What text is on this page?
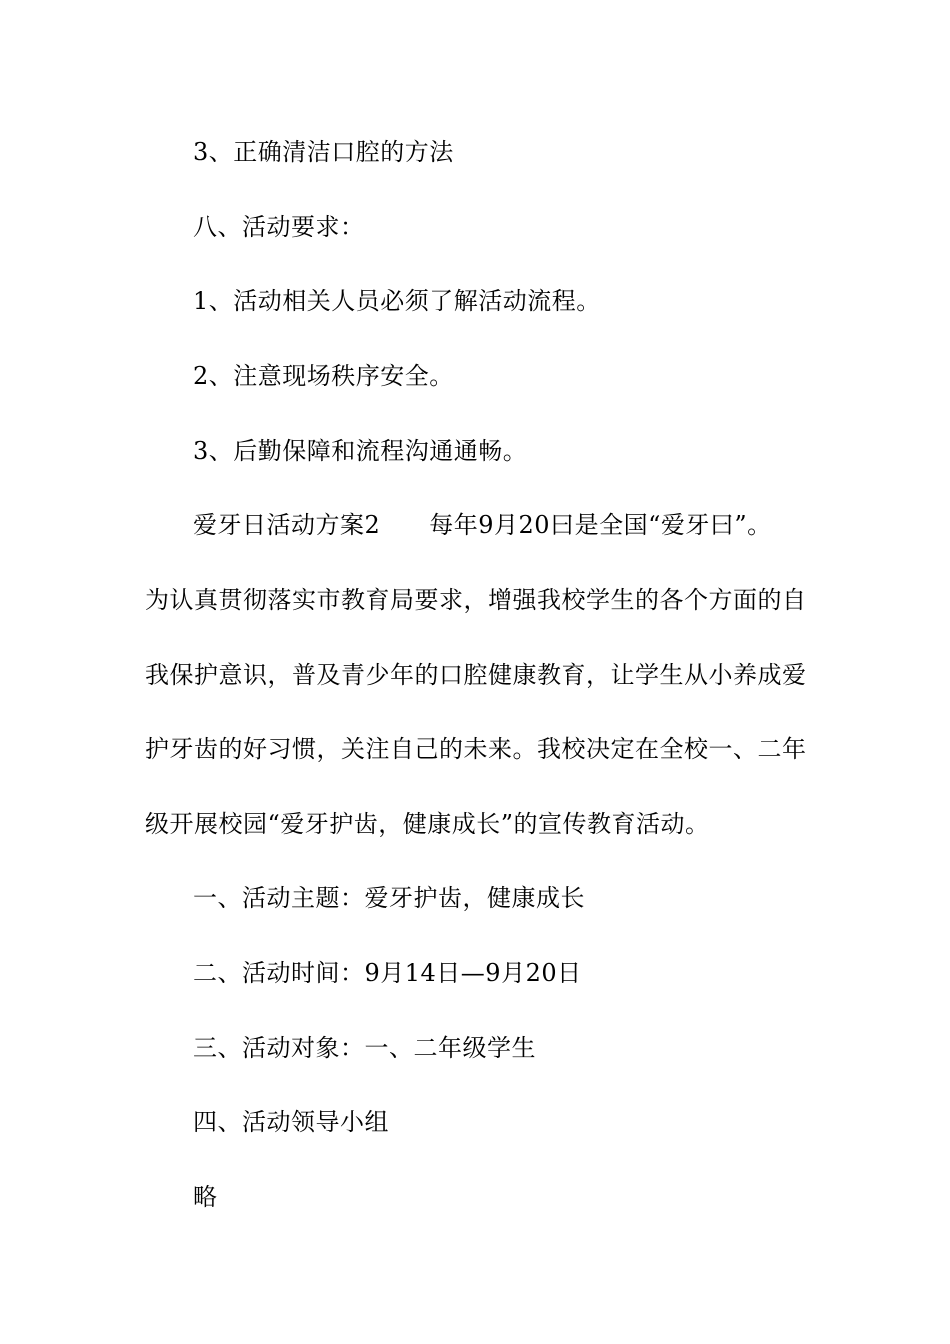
3、正确清洁口腔的方法
八、活动要求：
1、活动相关人员必须了解活动流程。
2、注意现场秩序安全。
3、后勤保障和流程沟通通畅。
爱牙日活动方案2　　每年9月20曰是全国“爱牙曰”。
为认真贯彻落实市教育局要求，增强我校学生的各个方面的自
我保护意识，普及青少年的口腔健康教育，让学生从小养成爱
护牙齿的好习惯，关注自己的未来。我校决定在全校一、二年
级开展校园“爱牙护齿，健康成长”的宣传教育活动。
一、活动主题：爱牙护齿，健康成长
二、活动时间：9月14日—9月20日
三、活动对象：一、二年级学生
四、活动领导小组
略
